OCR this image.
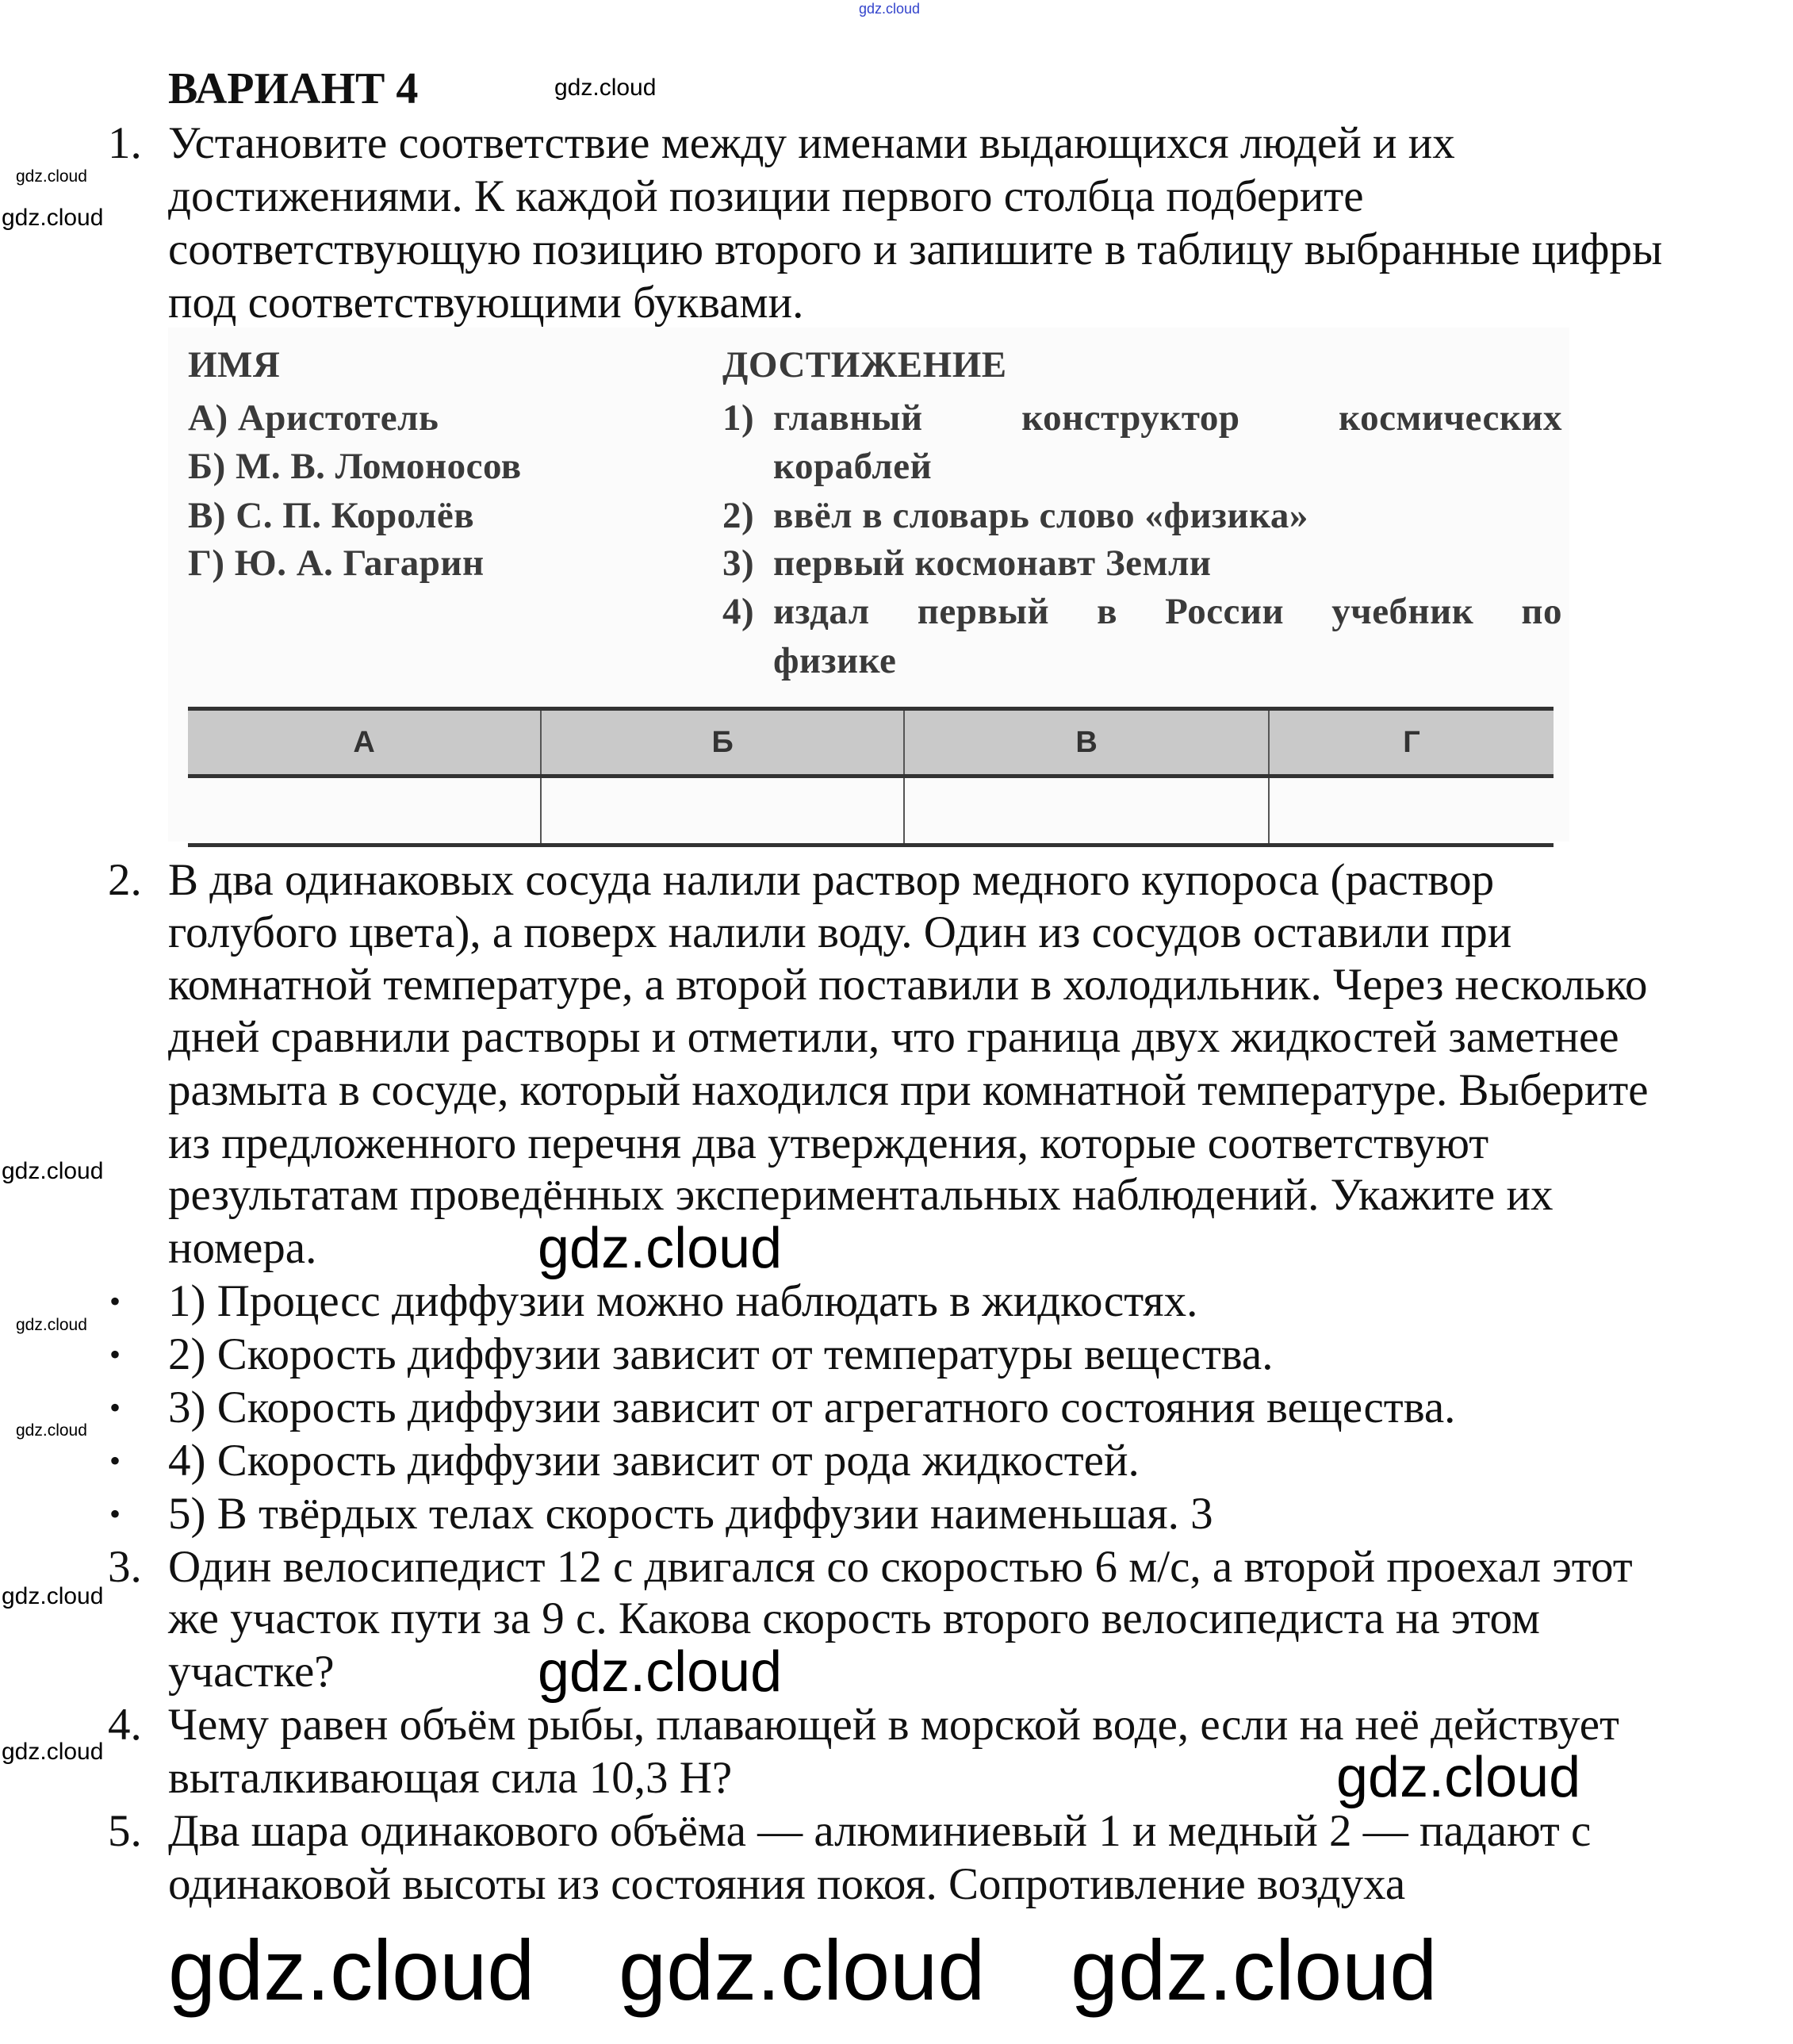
gdz.cloud
ВАРИАНТ 4
1. Установите соответствие между именами выдающихся людей и их
достижениями. К каждой позиции первого столбца подберите
соответствующую позицию второго и запишите в таблицу выбранные цифры
под соответствующими буквами.
ИМЯ
А) Аристотель
Б) М. В. Ломоносов
В) С. П. Королёв
Г) Ю. А. Гагарин
ДОСТИЖЕНИЕ
1) главный конструктор космических
кораблей
2) ввёл в словарь слово «физика»
3) первый космонавт Земли
4) издал первый в России учебник по
физике
А	Б	В	Г

2. В два одинаковых сосуда налили раствор медного купороса (раствор
голубого цвета), а поверх налили воду. Один из сосудов оставили при
комнатной температуре, а второй поставили в холодильник. Через несколько
дней сравнили растворы и отметили, что граница двух жидкостей заметнее
размыта в сосуде, который находился при комнатной температуре. Выберите
из предложенного перечня два утверждения, которые соответствуют
результатам проведённых экспериментальных наблюдений. Укажите их
номера.
• 1) Процесс диффузии можно наблюдать в жидкостях.
• 2) Скорость диффузии зависит от температуры вещества.
• 3) Скорость диффузии зависит от агрегатного состояния вещества.
• 4) Скорость диффузии зависит от рода жидкостей.
• 5) В твёрдых телах скорость диффузии наименьшая. 3
3. Один велосипедист 12 с двигался со скоростью 6 м/с, а второй проехал этот
же участок пути за 9 с. Какова скорость второго велосипедиста на этом
участке?
4. Чему равен объём рыбы, плавающей в морской воде, если на неё действует
выталкивающая сила 10,3 Н?
5. Два шара одинакового объёма — алюминиевый 1 и медный 2 — падают с
одинаковой высоты из состояния покоя. Сопротивление воздуха
gdz.cloud
gdz.cloud
gdz.cloud
gdz.cloud
gdz.cloud
gdz.cloud
gdz.cloud
gdz.cloud
gdz.cloud
gdz.cloud	gdz.cloud
gdz.cloud gdz.cloud gdz.cloud
